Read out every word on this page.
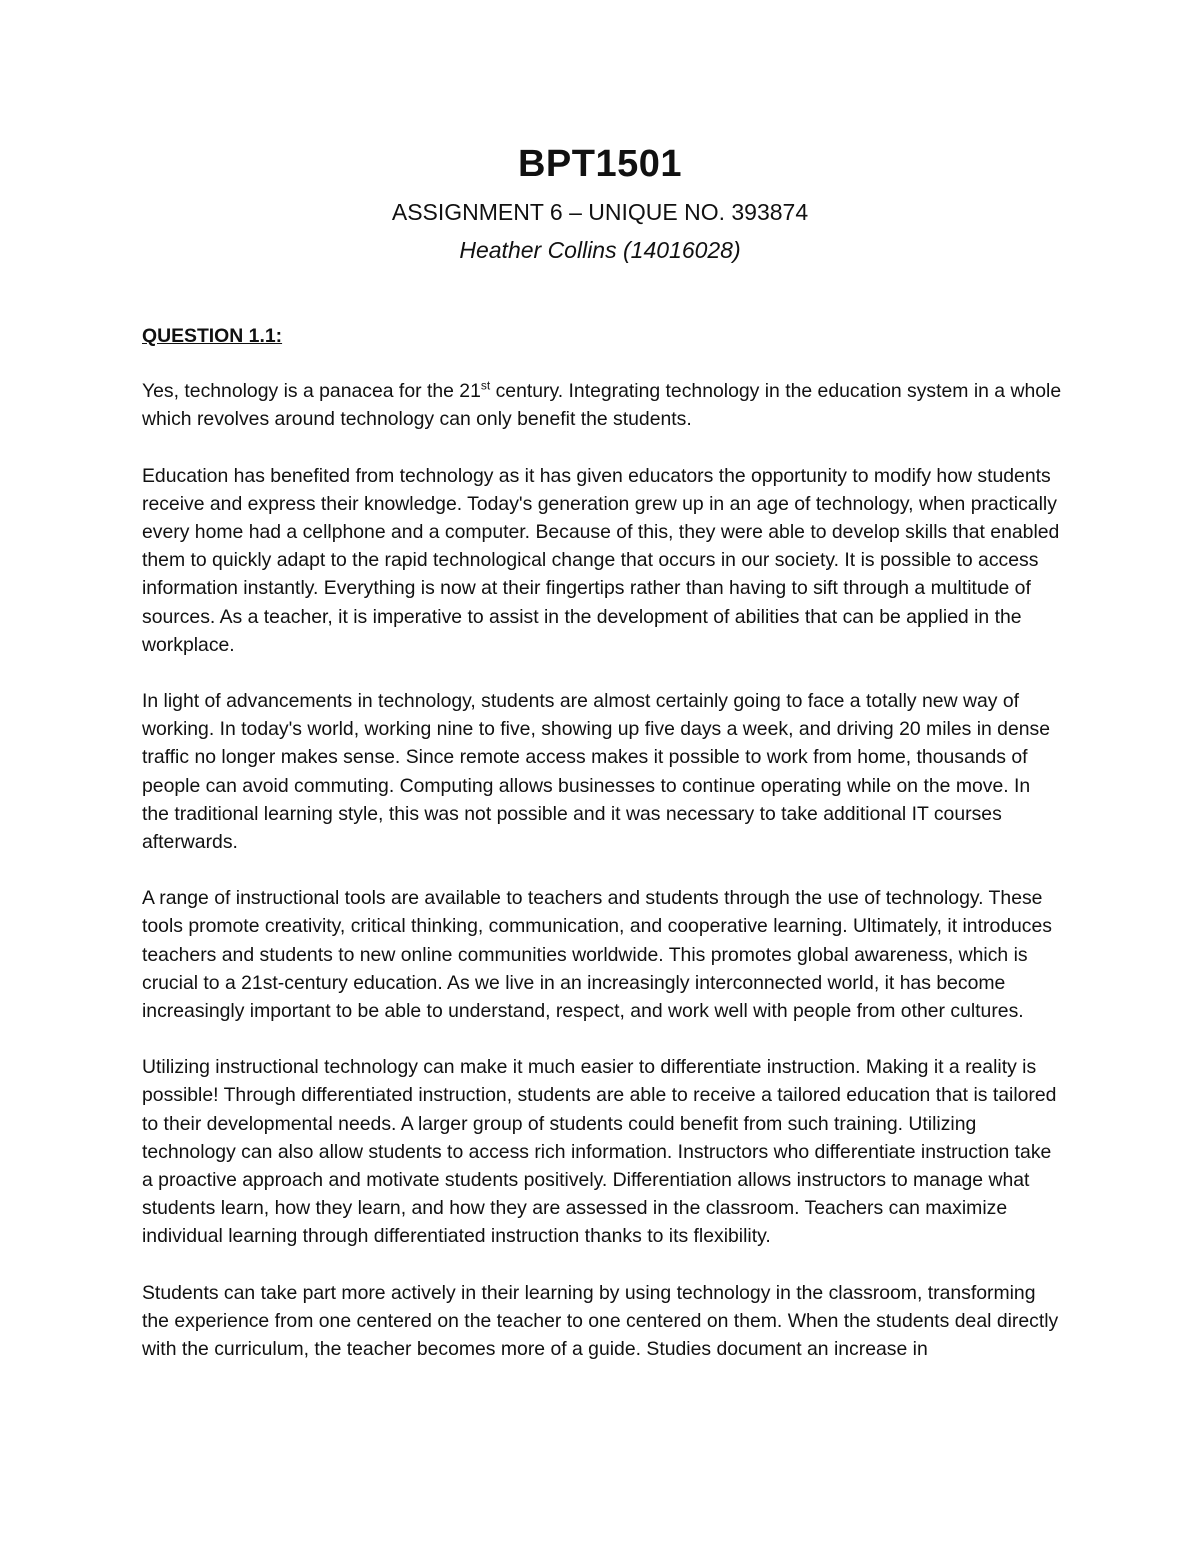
BPT1501

ASSIGNMENT 6 – UNIQUE NO. 393874

Heather Collins (14016028)

QUESTION 1.1:

Yes, technology is a panacea for the 21st century. Integrating technology in the education system in a whole which revolves around technology can only benefit the students.

Education has benefited from technology as it has given educators the opportunity to modify how students receive and express their knowledge. Today's generation grew up in an age of technology, when practically every home had a cellphone and a computer. Because of this, they were able to develop skills that enabled them to quickly adapt to the rapid technological change that occurs in our society. It is possible to access information instantly. Everything is now at their fingertips rather than having to sift through a multitude of sources. As a teacher, it is imperative to assist in the development of abilities that can be applied in the workplace.

In light of advancements in technology, students are almost certainly going to face a totally new way of working. In today's world, working nine to five, showing up five days a week, and driving 20 miles in dense traffic no longer makes sense. Since remote access makes it possible to work from home, thousands of people can avoid commuting. Computing allows businesses to continue operating while on the move. In the traditional learning style, this was not possible and it was necessary to take additional IT courses afterwards.

A range of instructional tools are available to teachers and students through the use of technology. These tools promote creativity, critical thinking, communication, and cooperative learning. Ultimately, it introduces teachers and students to new online communities worldwide. This promotes global awareness, which is crucial to a 21st-century education. As we live in an increasingly interconnected world, it has become increasingly important to be able to understand, respect, and work well with people from other cultures.

Utilizing instructional technology can make it much easier to differentiate instruction. Making it a reality is possible! Through differentiated instruction, students are able to receive a tailored education that is tailored to their developmental needs. A larger group of students could benefit from such training. Utilizing technology can also allow students to access rich information. Instructors who differentiate instruction take a proactive approach and motivate students positively. Differentiation allows instructors to manage what students learn, how they learn, and how they are assessed in the classroom. Teachers can maximize individual learning through differentiated instruction thanks to its flexibility.

Students can take part more actively in their learning by using technology in the classroom, transforming the experience from one centered on the teacher to one centered on them. When the students deal directly with the curriculum, the teacher becomes more of a guide. Studies document an increase in
